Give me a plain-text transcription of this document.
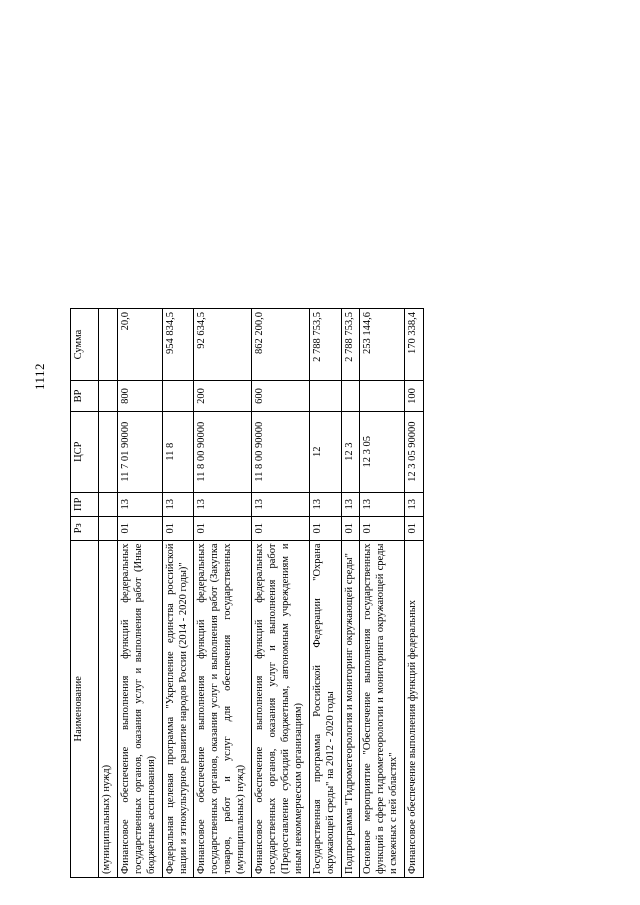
1112
Наименование	Рз	ПР	ЦСР	ВР	Сумма
(муниципальных) нужд)					
Финансовое обеспечение выполнения функций федеральных государственных органов, оказания услуг и выполнения работ (Иные бюджетные ассигнования)	01	13	11 7 01 90000	800	20,0
Федеральная целевая программа "Укрепление единства российской нации и этнокультурное развитие народов России (2014 - 2020 годы)"	01	13	11 8		954 834,5
Финансовое обеспечение выполнения функций федеральных государственных органов, оказания услуг и выполнения работ (Закупка товаров, работ и услуг для обеспечения государственных (муниципальных) нужд)	01	13	11 8 00 90000	200	92 634,5
Финансовое обеспечение выполнения функций федеральных государственных органов, оказания услуг и выполнения работ (Предоставление субсидий бюджетным, автономным учреждениям и иным некоммерческим организациям)	01	13	11 8 00 90000	600	862 200,0
Государственная программа Российской Федерации "Охрана окружающей среды" на 2012 - 2020 годы	01	13	12		2 788 753,5
Подпрограмма "Гидрометеорология и мониторинг окружающей среды"	01	13	12 3		2 788 753,5
Основное мероприятие "Обеспечение выполнения государственных функций в сфере гидрометеорологии и мониторинга окружающей среды и смежных с ней областях"	01	13	12 3 05		253 144,6
Финансовое обеспечение выполнения функций федеральных	01	13	12 3 05 90000	100	170 338,4
